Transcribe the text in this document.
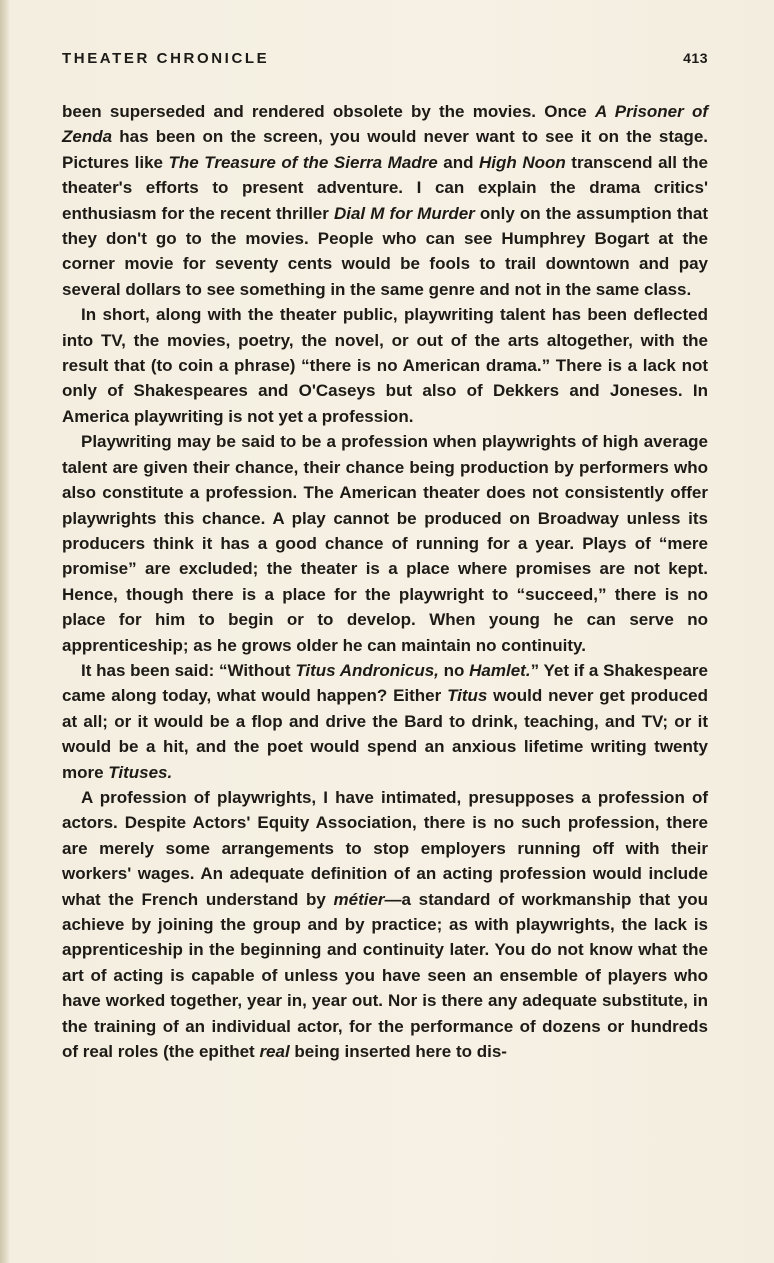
THEATER CHRONICLE	413

been superseded and rendered obsolete by the movies. Once A Prisoner of Zenda has been on the screen, you would never want to see it on the stage. Pictures like The Treasure of the Sierra Madre and High Noon transcend all the theater's efforts to present adventure. I can explain the drama critics' enthusiasm for the recent thriller Dial M for Murder only on the assumption that they don't go to the movies. People who can see Humphrey Bogart at the corner movie for seventy cents would be fools to trail downtown and pay several dollars to see something in the same genre and not in the same class.

In short, along with the theater public, playwriting talent has been deflected into TV, the movies, poetry, the novel, or out of the arts altogether, with the result that (to coin a phrase) “there is no American drama.” There is a lack not only of Shakespeares and O'Caseys but also of Dekkers and Joneses. In America playwriting is not yet a profession.

Playwriting may be said to be a profession when playwrights of high average talent are given their chance, their chance being production by performers who also constitute a profession. The American theater does not consistently offer playwrights this chance. A play cannot be produced on Broadway unless its producers think it has a good chance of running for a year. Plays of “mere promise” are excluded; the theater is a place where promises are not kept. Hence, though there is a place for the playwright to “succeed,” there is no place for him to begin or to develop. When young he can serve no apprenticeship; as he grows older he can maintain no continuity.

It has been said: “Without Titus Andronicus, no Hamlet.” Yet if a Shakespeare came along today, what would happen? Either Titus would never get produced at all; or it would be a flop and drive the Bard to drink, teaching, and TV; or it would be a hit, and the poet would spend an anxious lifetime writing twenty more Tituses.

A profession of playwrights, I have intimated, presupposes a profession of actors. Despite Actors' Equity Association, there is no such profession, there are merely some arrangements to stop employers running off with their workers' wages. An adequate definition of an acting profession would include what the French understand by métier—a standard of workmanship that you achieve by joining the group and by practice; as with playwrights, the lack is apprenticeship in the beginning and continuity later. You do not know what the art of acting is capable of unless you have seen an ensemble of players who have worked together, year in, year out. Nor is there any adequate substitute, in the training of an individual actor, for the performance of dozens or hundreds of real roles (the epithet real being inserted here to dis-
